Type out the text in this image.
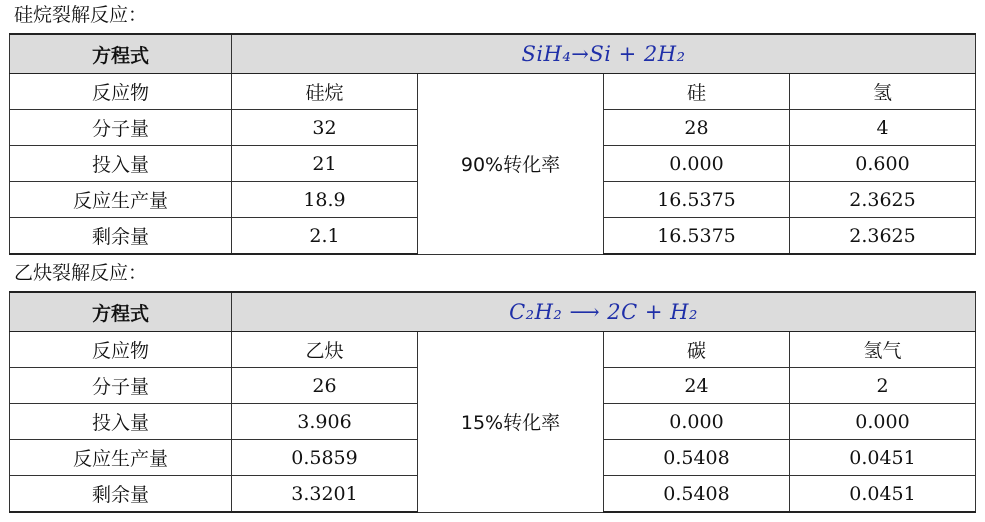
硅烷裂解反应：
方程式	SiH₄→Si + 2H₂			
反应物	硅烷	90%转化率	硅	氢
分子量	32		28	4
投入量	21		0.000	0.600
反应生产量	18.9		16.5375	2.3625
剩余量	2.1		16.5375	2.3625
乙炔裂解反应：
方程式	C₂H₂ ⟶ 2C + H₂			
反应物	乙炔	15%转化率	碳	氢气
分子量	26		24	2
投入量	3.906		0.000	0.000
反应生产量	0.5859		0.5408	0.0451
剩余量	3.3201		0.5408	0.0451
